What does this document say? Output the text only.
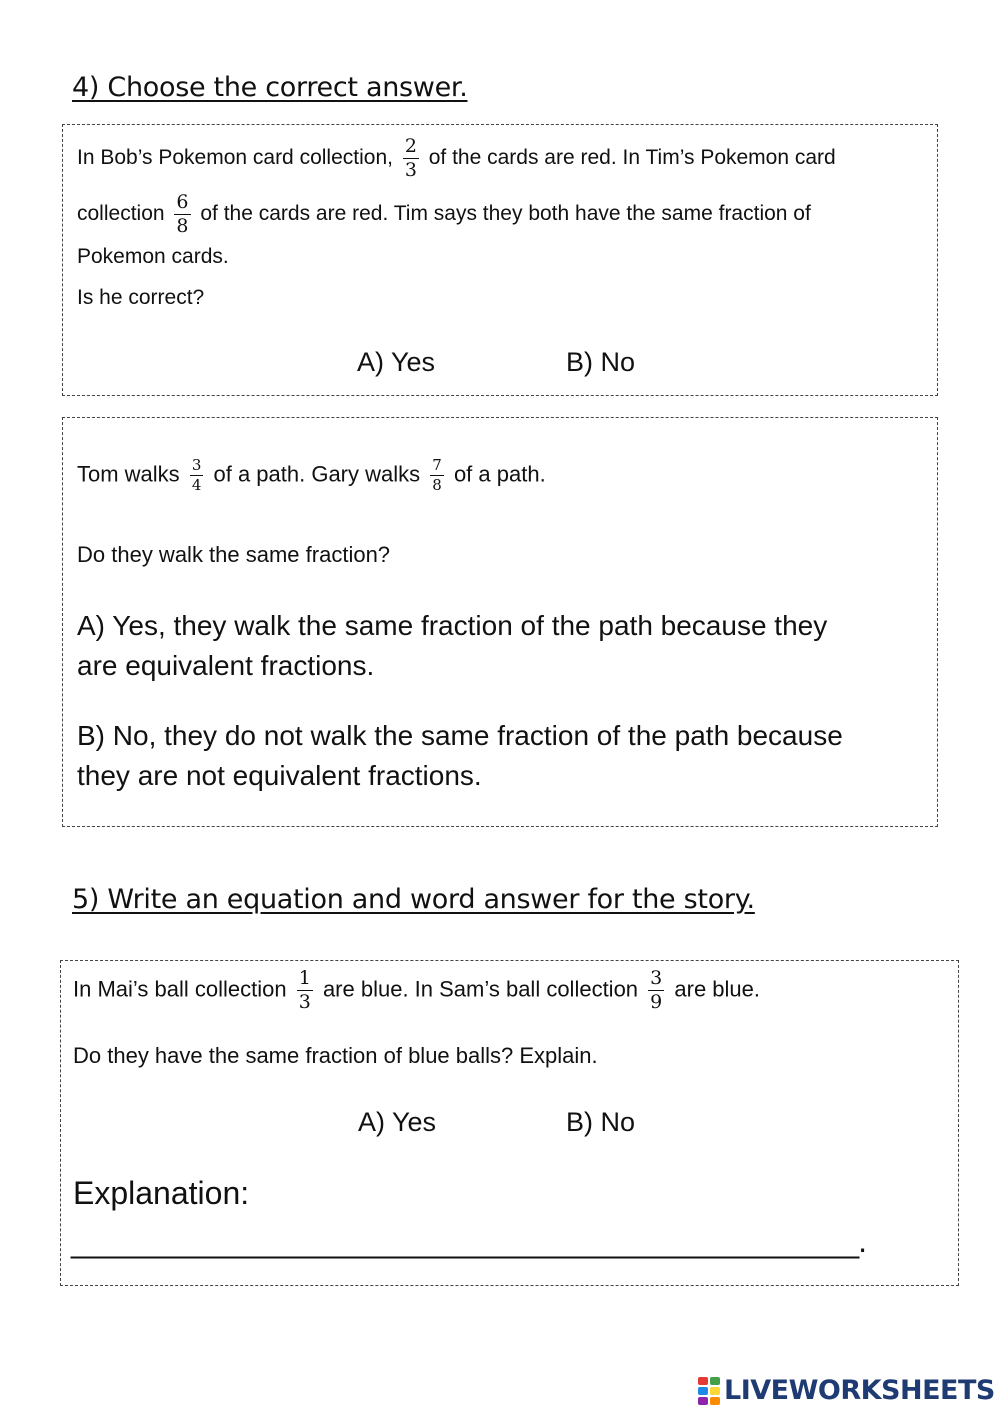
4) Choose the correct answer.
In Bob’s Pokemon card collection, $\frac{2}{3}$ of the cards are red. In Tim’s Pokemon card
collection $\frac{6}{8}$ of the cards are red. Tim says they both have the same fraction of
Pokemon cards.
Is he correct?
A) Yes	B) No
Tom walks $\frac{3}{4}$ of a path. Gary walks $\frac{7}{8}$ of a path.
Do they walk the same fraction?
A) Yes, they walk the same fraction of the path because they
are equivalent fractions.
B) No, they do not walk the same fraction of the path because
they are not equivalent fractions.
5) Write an equation and word answer for the story.
In Mai’s ball collection $\frac{1}{3}$ are blue. In Sam’s ball collection $\frac{3}{9}$ are blue.
Do they have the same fraction of blue balls? Explain.
A) Yes	B) No
Explanation:
_______________________________________________.
LIVEWORKSHEETS
